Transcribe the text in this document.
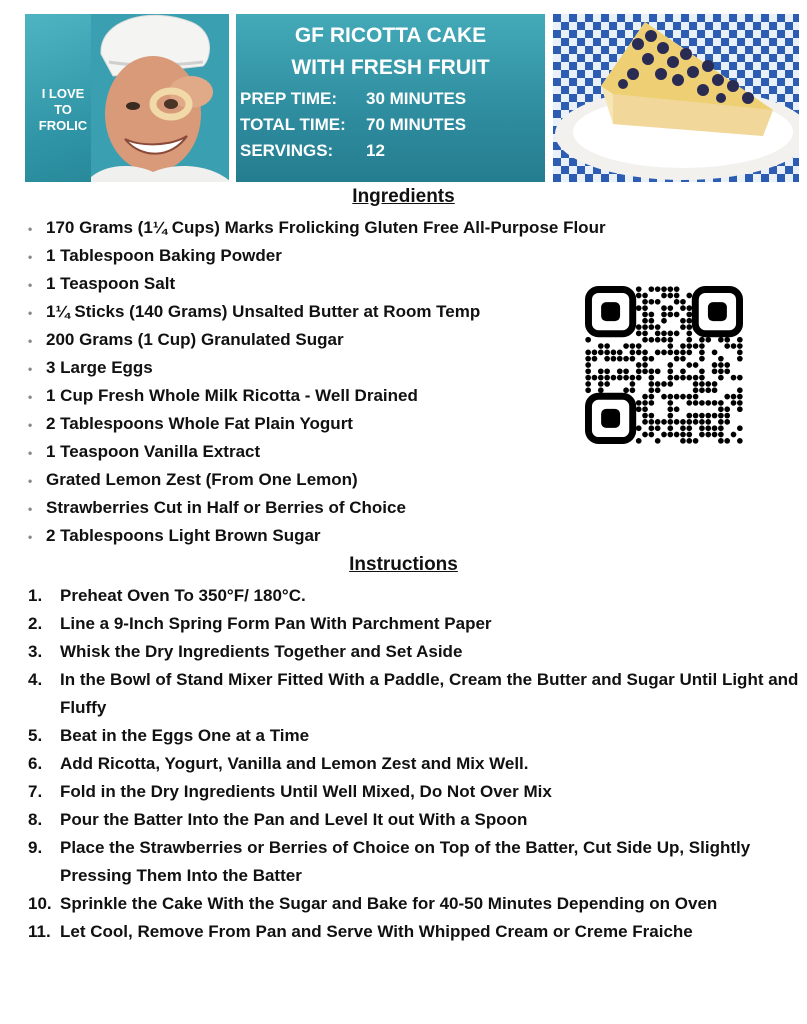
I LOVE
TO
FROLIC
GF RICOTTA CAKE
WITH FRESH FRUIT
PREP TIME: 30 MINUTES
TOTAL TIME: 70 MINUTES
SERVINGS: 12
Ingredients
• 170 Grams (1¼ Cups) Marks Frolicking Gluten Free All-Purpose Flour
• 1 Tablespoon Baking Powder
• 1 Teaspoon Salt
• 1¼ Sticks (140 Grams) Unsalted Butter at Room Temp
• 200 Grams (1 Cup) Granulated Sugar
• 3 Large Eggs
• 1 Cup Fresh Whole Milk Ricotta - Well Drained
• 2 Tablespoons Whole Fat Plain Yogurt
• 1 Teaspoon Vanilla Extract
• Grated Lemon Zest (From One Lemon)
• Strawberries Cut in Half or Berries of Choice
• 2 Tablespoons Light Brown Sugar
Instructions
1. Preheat Oven To 350°F/ 180°C.
2. Line a 9-Inch Spring Form Pan With Parchment Paper
3. Whisk the Dry Ingredients Together and Set Aside
4. In the Bowl of Stand Mixer Fitted With a Paddle, Cream the Butter and Sugar Until Light and Fluffy
5. Beat in the Eggs One at a Time
6. Add Ricotta, Yogurt, Vanilla and Lemon Zest and Mix Well.
7. Fold in the Dry Ingredients Until Well Mixed, Do Not Over Mix
8. Pour the Batter Into the Pan and Level It out With a Spoon
9. Place the Strawberries or Berries of Choice on Top of the Batter, Cut Side Up, Slightly Pressing Them Into the Batter
10. Sprinkle the Cake With the Sugar and Bake for 40-50 Minutes Depending on Oven
11. Let Cool, Remove From Pan and Serve With Whipped Cream or Creme Fraiche
